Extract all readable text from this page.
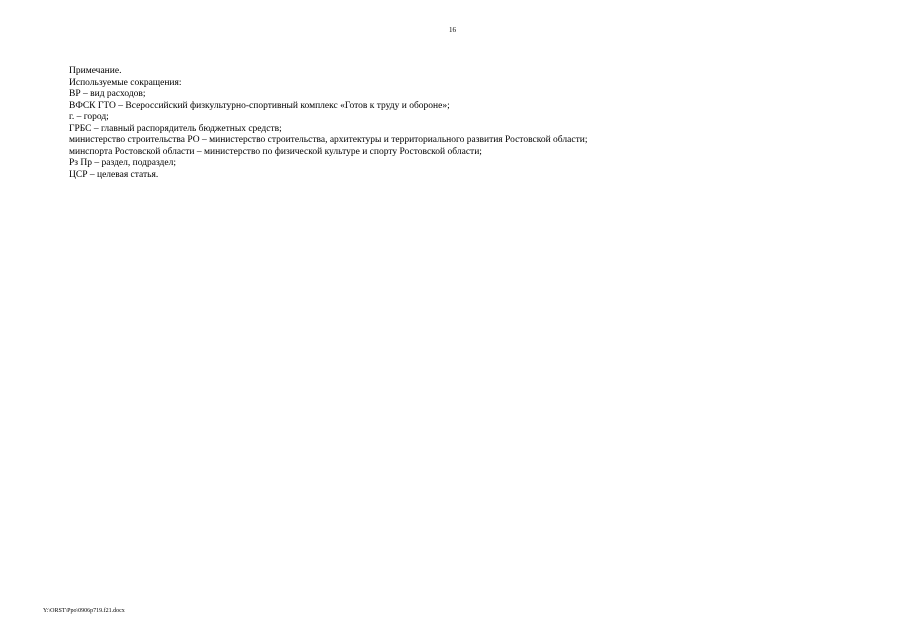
16
Примечание.
Используемые сокращения:
ВР – вид расходов;
ВФСК ГТО – Всероссийский физкультурно-спортивный комплекс «Готов к труду и обороне»;
г. – город;
ГРБС – главный распорядитель бюджетных средств;
министерство строительства РО – министерство строительства, архитектуры и территориального развития Ростовской области;
минспорта Ростовской области – министерство по физической культуре и спорту Ростовской области;
Рз Пр – раздел, подраздел;
ЦСР – целевая статья.
Y:\ORST\Ppo\0906p719.f21.docx
